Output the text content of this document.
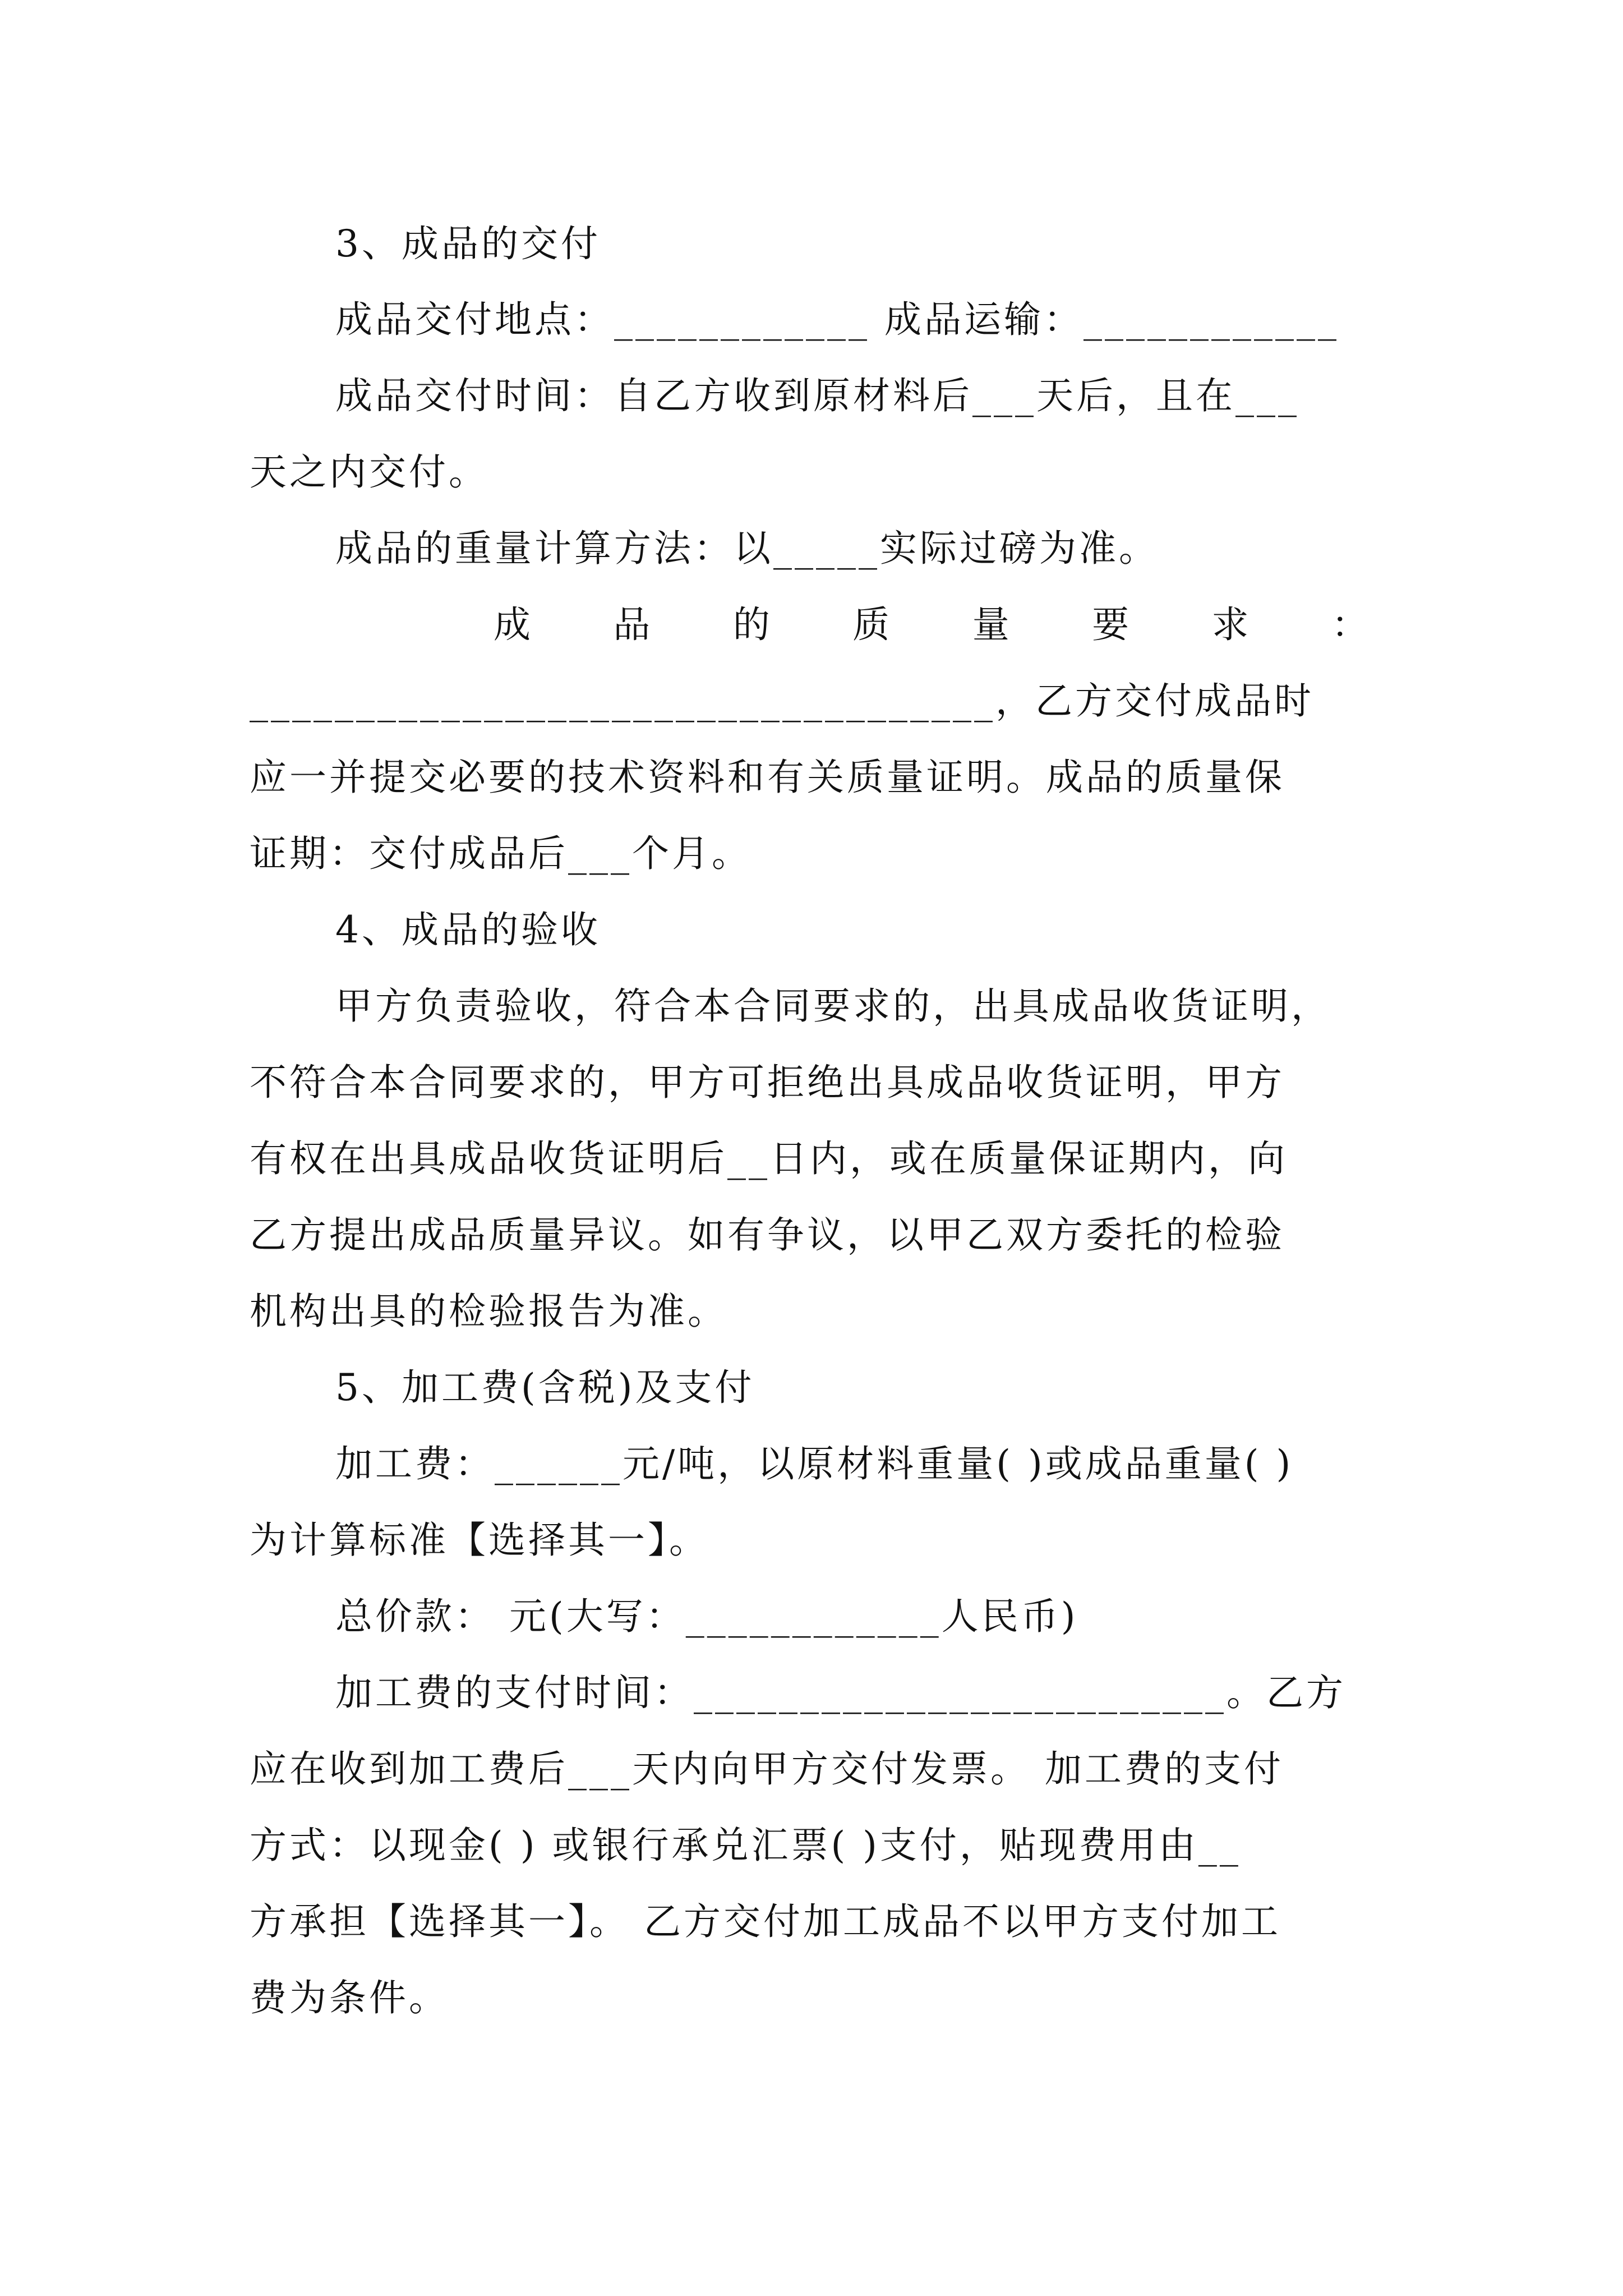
3、成品的交付
成品交付地点：____________ 成品运输：____________
成品交付时间：自乙方收到原材料后___天后，且在___
天之内交付。
成品的重量计算方法：以_____实际过磅为准。
成 品 的 质 量 要 求 ：
___________________________________，乙方交付成品时
应一并提交必要的技术资料和有关质量证明。成品的质量保
证期：交付成品后___个月。
4、成品的验收
甲方负责验收，符合本合同要求的，出具成品收货证明，
不符合本合同要求的，甲方可拒绝出具成品收货证明，甲方
有权在出具成品收货证明后__日内，或在质量保证期内，向
乙方提出成品质量异议。如有争议，以甲乙双方委托的检验
机构出具的检验报告为准。
5、加工费(含税)及支付
加工费：______元/吨，以原材料重量( )或成品重量( )
为计算标准【选择其一】。
总价款： 元(大写：____________人民币)
加工费的支付时间：_________________________。乙方
应在收到加工费后___天内向甲方交付发票。 加工费的支付
方式：以现金( ) 或银行承兑汇票( )支付，贴现费用由__
方承担【选择其一】。 乙方交付加工成品不以甲方支付加工
费为条件。
